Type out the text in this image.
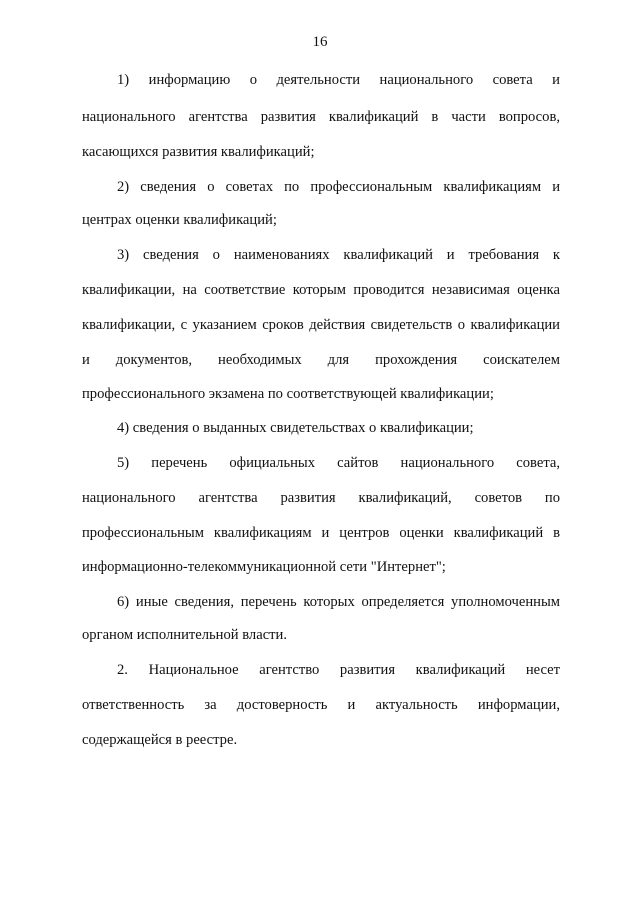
16
1) информацию о деятельности национального совета и
национального агентства развития квалификаций в части вопросов,
касающихся развития квалификаций;
2) сведения о советах по профессиональным квалификациям и
центрах оценки квалификаций;
3) сведения о наименованиях квалификаций и требования к
квалификации, на соответствие которым проводится независимая оценка
квалификации, с указанием сроков действия свидетельств о квалификации
и документов, необходимых для прохождения соискателем
профессионального экзамена по соответствующей квалификации;
4) сведения о выданных свидетельствах о квалификации;
5) перечень официальных сайтов национального совета,
национального агентства развития квалификаций, советов по
профессиональным квалификациям и центров оценки квалификаций в
информационно-телекоммуникационной сети "Интернет";
6) иные сведения, перечень которых определяется уполномоченным
органом исполнительной власти.
2. Национальное агентство развития квалификаций несет
ответственность за достоверность и актуальность информации,
содержащейся в реестре.
